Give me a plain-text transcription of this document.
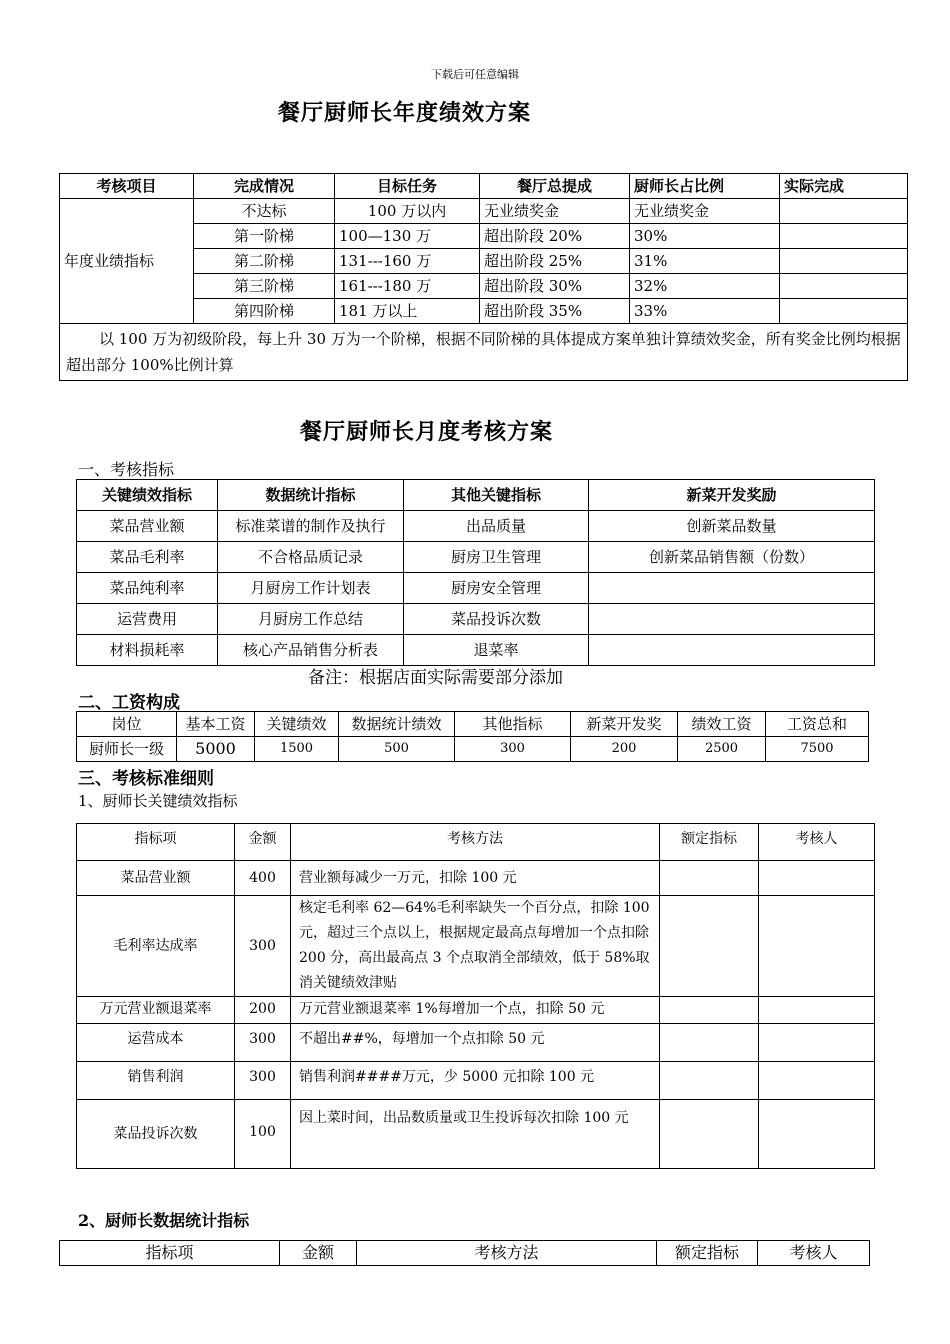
下载后可任意编辑
餐厅厨师长年度绩效方案
考核项目	完成情况	目标任务	餐厅总提成	厨师长占比例	实际完成
年度业绩指标	不达标	100 万以内	无业绩奖金	无业绩奖金	
	第一阶梯	100—130 万	超出阶段 20%	30%	
	第二阶梯	131---160 万	超出阶段 25%	31%	
	第三阶梯	161---180 万	超出阶段 30%	32%	
	第四阶梯	181 万以上	超出阶段 35%	33%	
以 100 万为初级阶段，每上升 30 万为一个阶梯，根据不同阶梯的具体提成方案单独计算绩效奖金，所有奖金比例均根据超出部分 100%比例计算					
餐厅厨师长月度考核方案
一、考核指标
关键绩效指标	数据统计指标	其他关键指标	新菜开发奖励
菜品营业额	标准菜谱的制作及执行	出品质量	创新菜品数量
菜品毛利率	不合格品质记录	厨房卫生管理	创新菜品销售额（份数）
菜品纯利率	月厨房工作计划表	厨房安全管理	
运营费用	月厨房工作总结	菜品投诉次数	
材料损耗率	核心产品销售分析表	退菜率	
备注：根据店面实际需要部分添加
二、工资构成
岗位	基本工资	关键绩效	数据统计绩效	其他指标	新菜开发奖	绩效工资	工资总和
厨师长一级	5000	1500	500	300	200	2500	7500
三、考核标准细则
1、厨师长关键绩效指标
指标项	金额	考核方法	额定指标	考核人
菜品营业额	400	营业额每减少一万元，扣除 100 元		
毛利率达成率	300	核定毛利率 62—64%毛利率缺失一个百分点，扣除 100 元，超过三个点以上，根据规定最高点每增加一个点扣除 200 分，高出最高点 3 个点取消全部绩效，低于 58%取消关键绩效津贴		
万元营业额退菜率	200	万元营业额退菜率 1%每增加一个点，扣除 50 元		
运营成本	300	不超出##%，每增加一个点扣除 50 元		
销售利润	300	销售利润####万元，少 5000 元扣除 100 元		
菜品投诉次数	100	因上菜时间，出品数质量或卫生投诉每次扣除 100 元		
2、厨师长数据统计指标
指标项	金额	考核方法	额定指标	考核人
